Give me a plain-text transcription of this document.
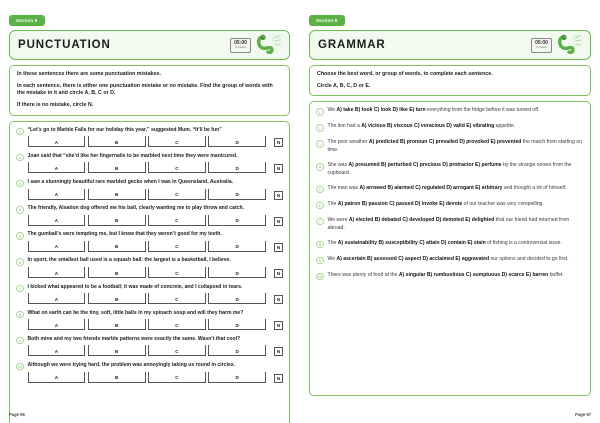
Section 9
PUNCTUATION	05:00
5 minutes

In these sentences there are some punctuation mistakes.

In each sentence, there is either one punctuation mistake or no mistake. Find the group of words with the mistake in it and circle A, B, C or D.

If there is no mistake, circle N.

1	“Let’s go to Marble Falls for our holiday this year,” suggested Mum. “It’ll be fun”
A	B	C	D	N
2	Joan said that “she’d like her fingernails to be marbled next time they were manicured.
A	B	C	D	N
3	I saw a stunningly beautiful rare marbled gecko when I was in Queensland, Australia.
A	B	C	D	N
4	The friendly, Alsation dog offered me his ball, clearly wanting me to play throw and catch.
A	B	C	D	N
5	The gumball’s were tempting me, but I knew that they weren’t good for my teeth.
A	B	C	D	N
6	In sport, the smallest ball used is a squash ball: the largest is a basketball, I believe.
A	B	C	D	N
7	I kicked what appeared to be a football; it was made of concrete, and I collapsed in tears.
A	B	C	D	N
8	What on earth can be the tiny, soft, little balls in my spinach soup and will they harm me?
A	B	C	D	N
9	Both mine and my two friends marble patterns were exactly the same. Wasn’t that cool?
A	B	C	D	N
10	Although we were trying hard, the problem was annoyingly taking us round in circles.
A	B	C	D	N
Page 96
Section 9
GRAMMAR	05:00
5 minutes

Choose the best word, or group of words, to complete each sentence.

Circle A, B, C, D or E.

1	We A) take B) took C) look D) like E) turn everything from the fridge before it was turned off.
2	The lion had a A) vicious B) viscous C) voracious D) valid E) vibrating appetite.
3	The poor weather A) predicted B) pronoun C) prevailed D) provoked E) prevented the match from starting on time.
4	She was A) presumed B) perturbed C) precious D) protractor E) perfume by the strange noises from the cupboard.
5	The man was A) arrowed B) alarmed C) regulated D) arrogant E) arbitrary and thought a lot of himself.
6	The A) patron B) passion C) passed D) invoke E) devote of our teacher was very compelling.
7	We were A) elected B) debated C) developed D) demoted E) delighted that our friend had returned from abroad.
8	The A) sustainability B) susceptibility C) attain D) contain E) stain of fishing is a controversial issue.
9	We A) ascertain B) assessed C) aspect D) acclaimed E) aggravated our options and decided to go first.
10	There was plenty of food at the A) singular B) rumbustious C) sumptuous D) scarce E) barren buffet.
Page 97
